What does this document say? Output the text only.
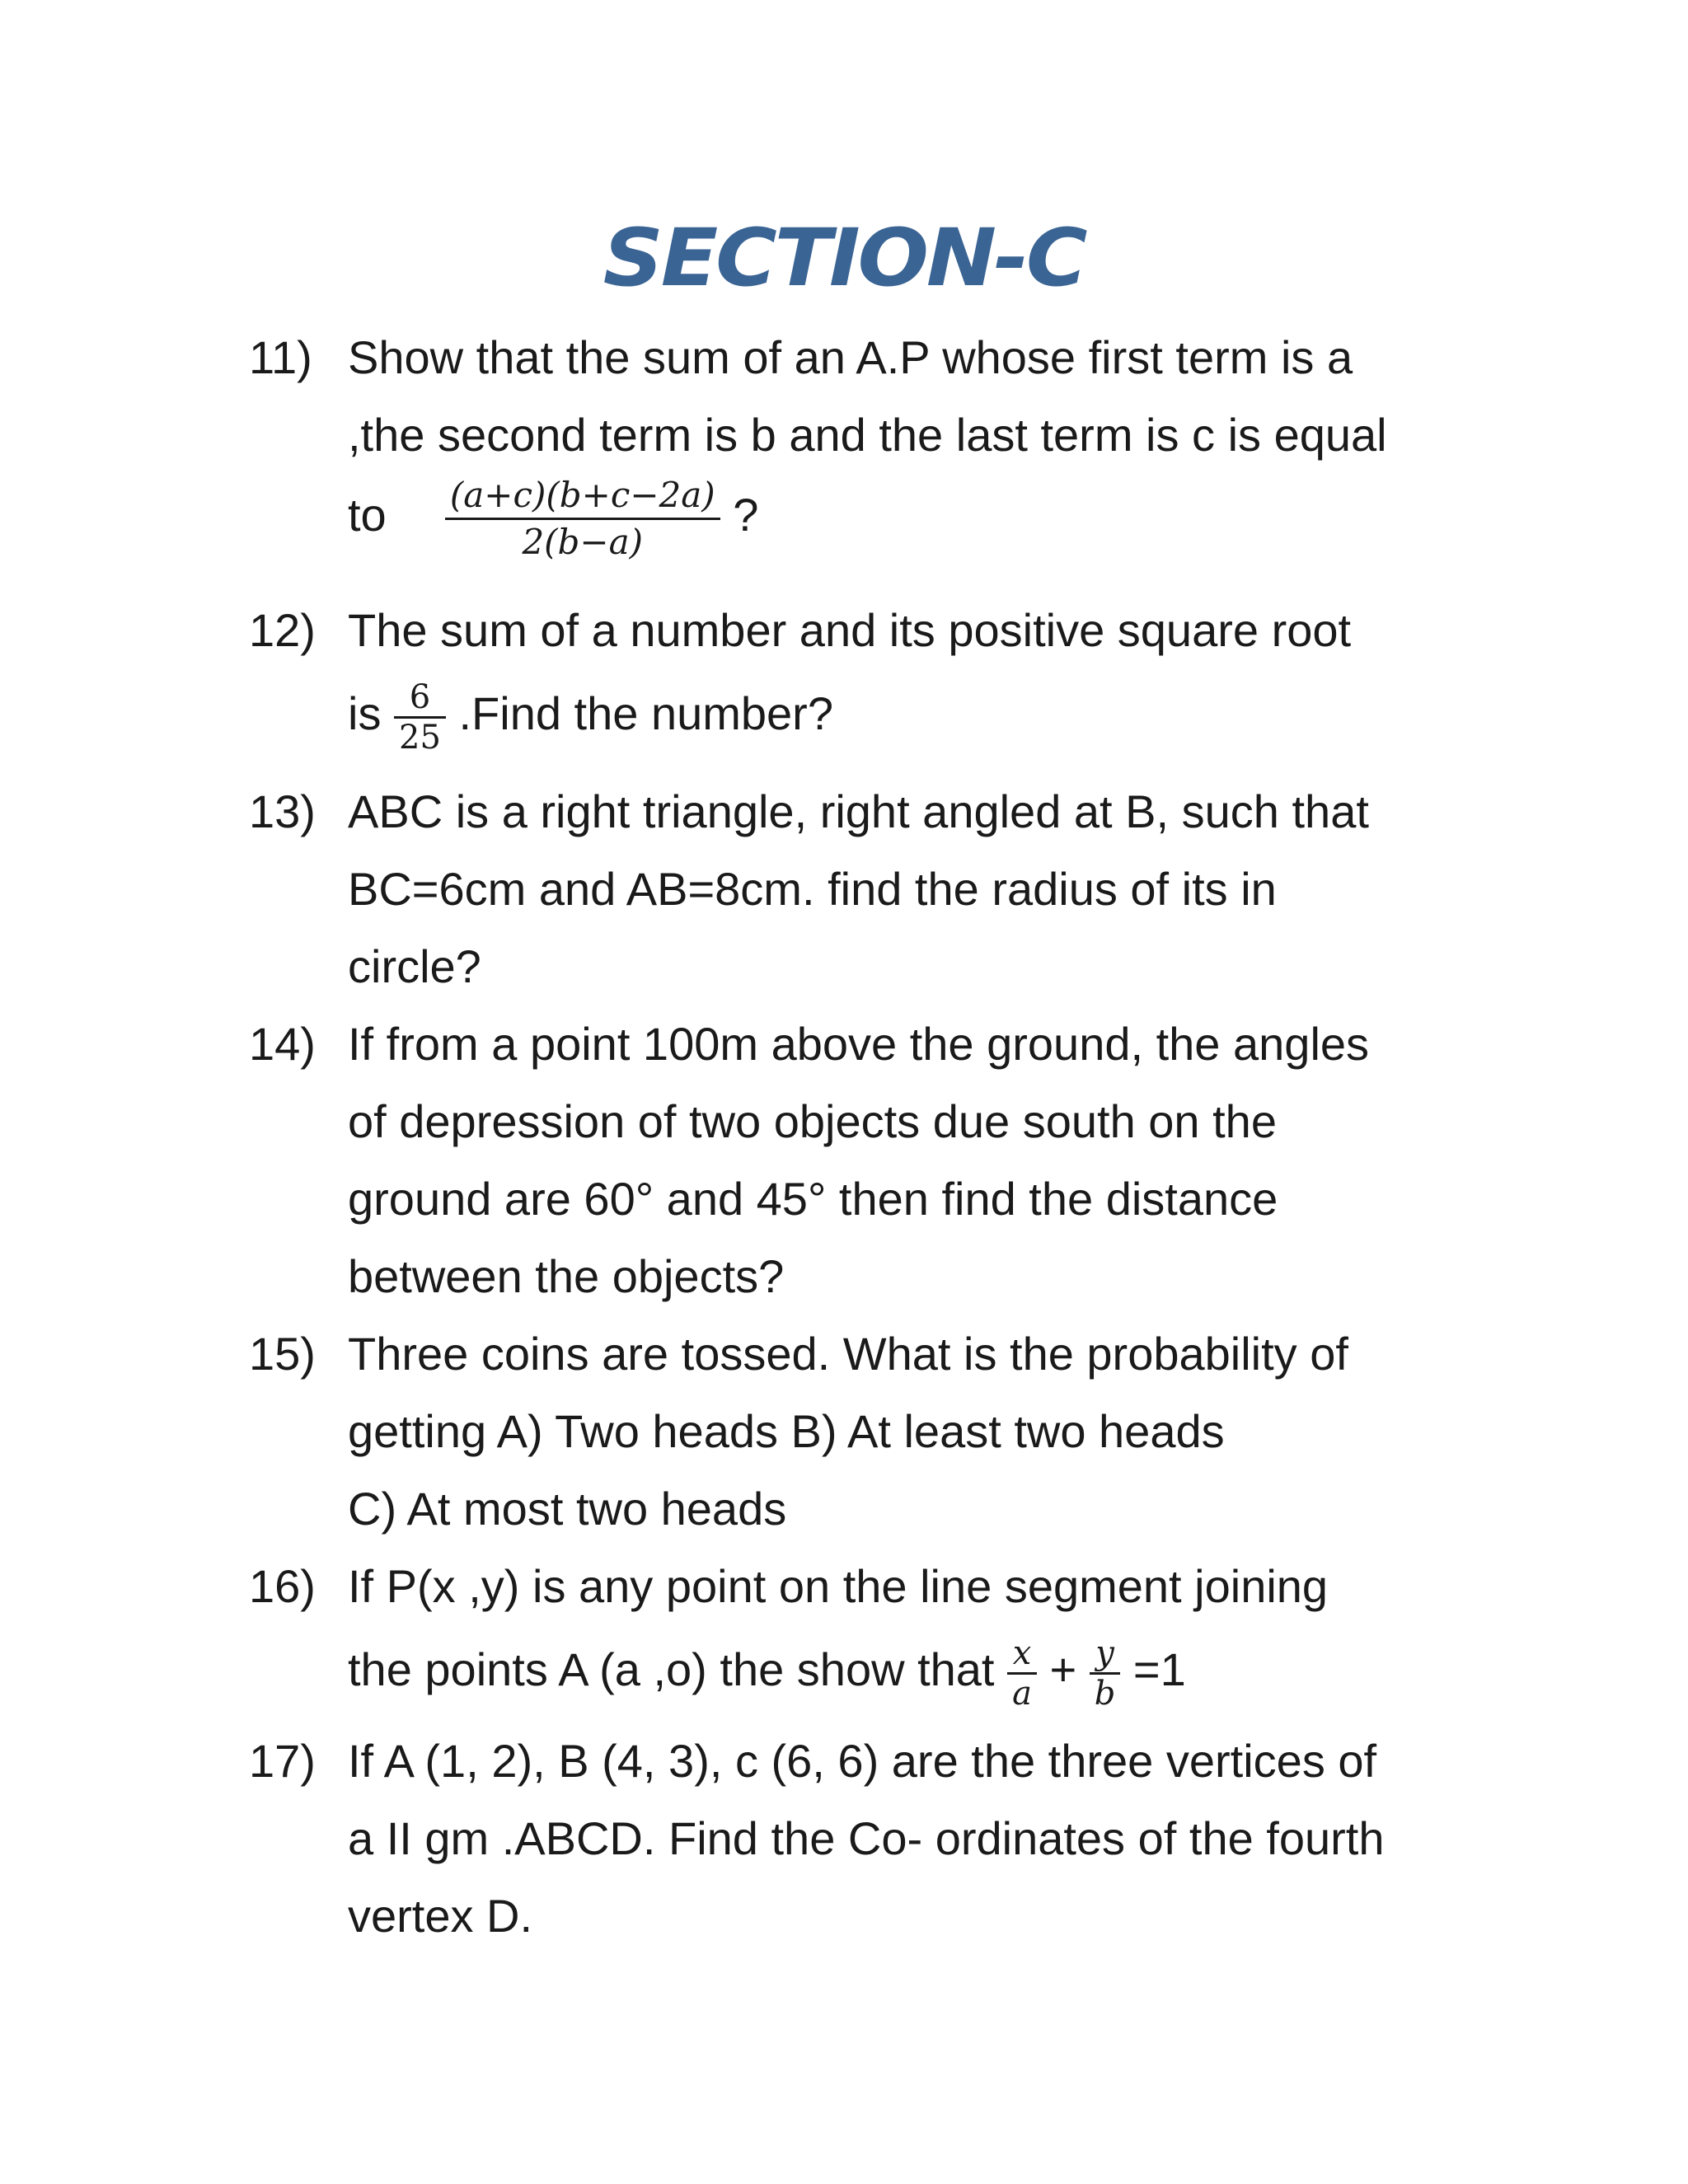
SECTION-C
11) Show that the sum of an A.P whose first term is a
,the second term is b and the last term is c is equal
to $\frac{(a+c)(b+c-2a)}{2(b-a)}$ ?
12) The sum of a number and its positive square root
is $\frac{6}{25}$ .Find the number?
13) ABC is a right triangle, right angled at B, such that
BC=6cm and AB=8cm. find the radius of its in
circle?
14) If from a point 100m above the ground, the angles
of depression of two objects due south on the
ground are 60° and 45° then find the distance
between the objects?
15) Three coins are tossed. What is the probability of
getting A) Two heads B) At least two heads
C) At most two heads
16) If P(x ,y) is any point on the line segment joining
the points A (a ,o) the show that $\frac{x}{a} + \frac{y}{b} =1$
17) If A (1, 2), B (4, 3), c (6, 6) are the three vertices of
a II gm .ABCD. Find the Co- ordinates of the fourth
vertex D.
